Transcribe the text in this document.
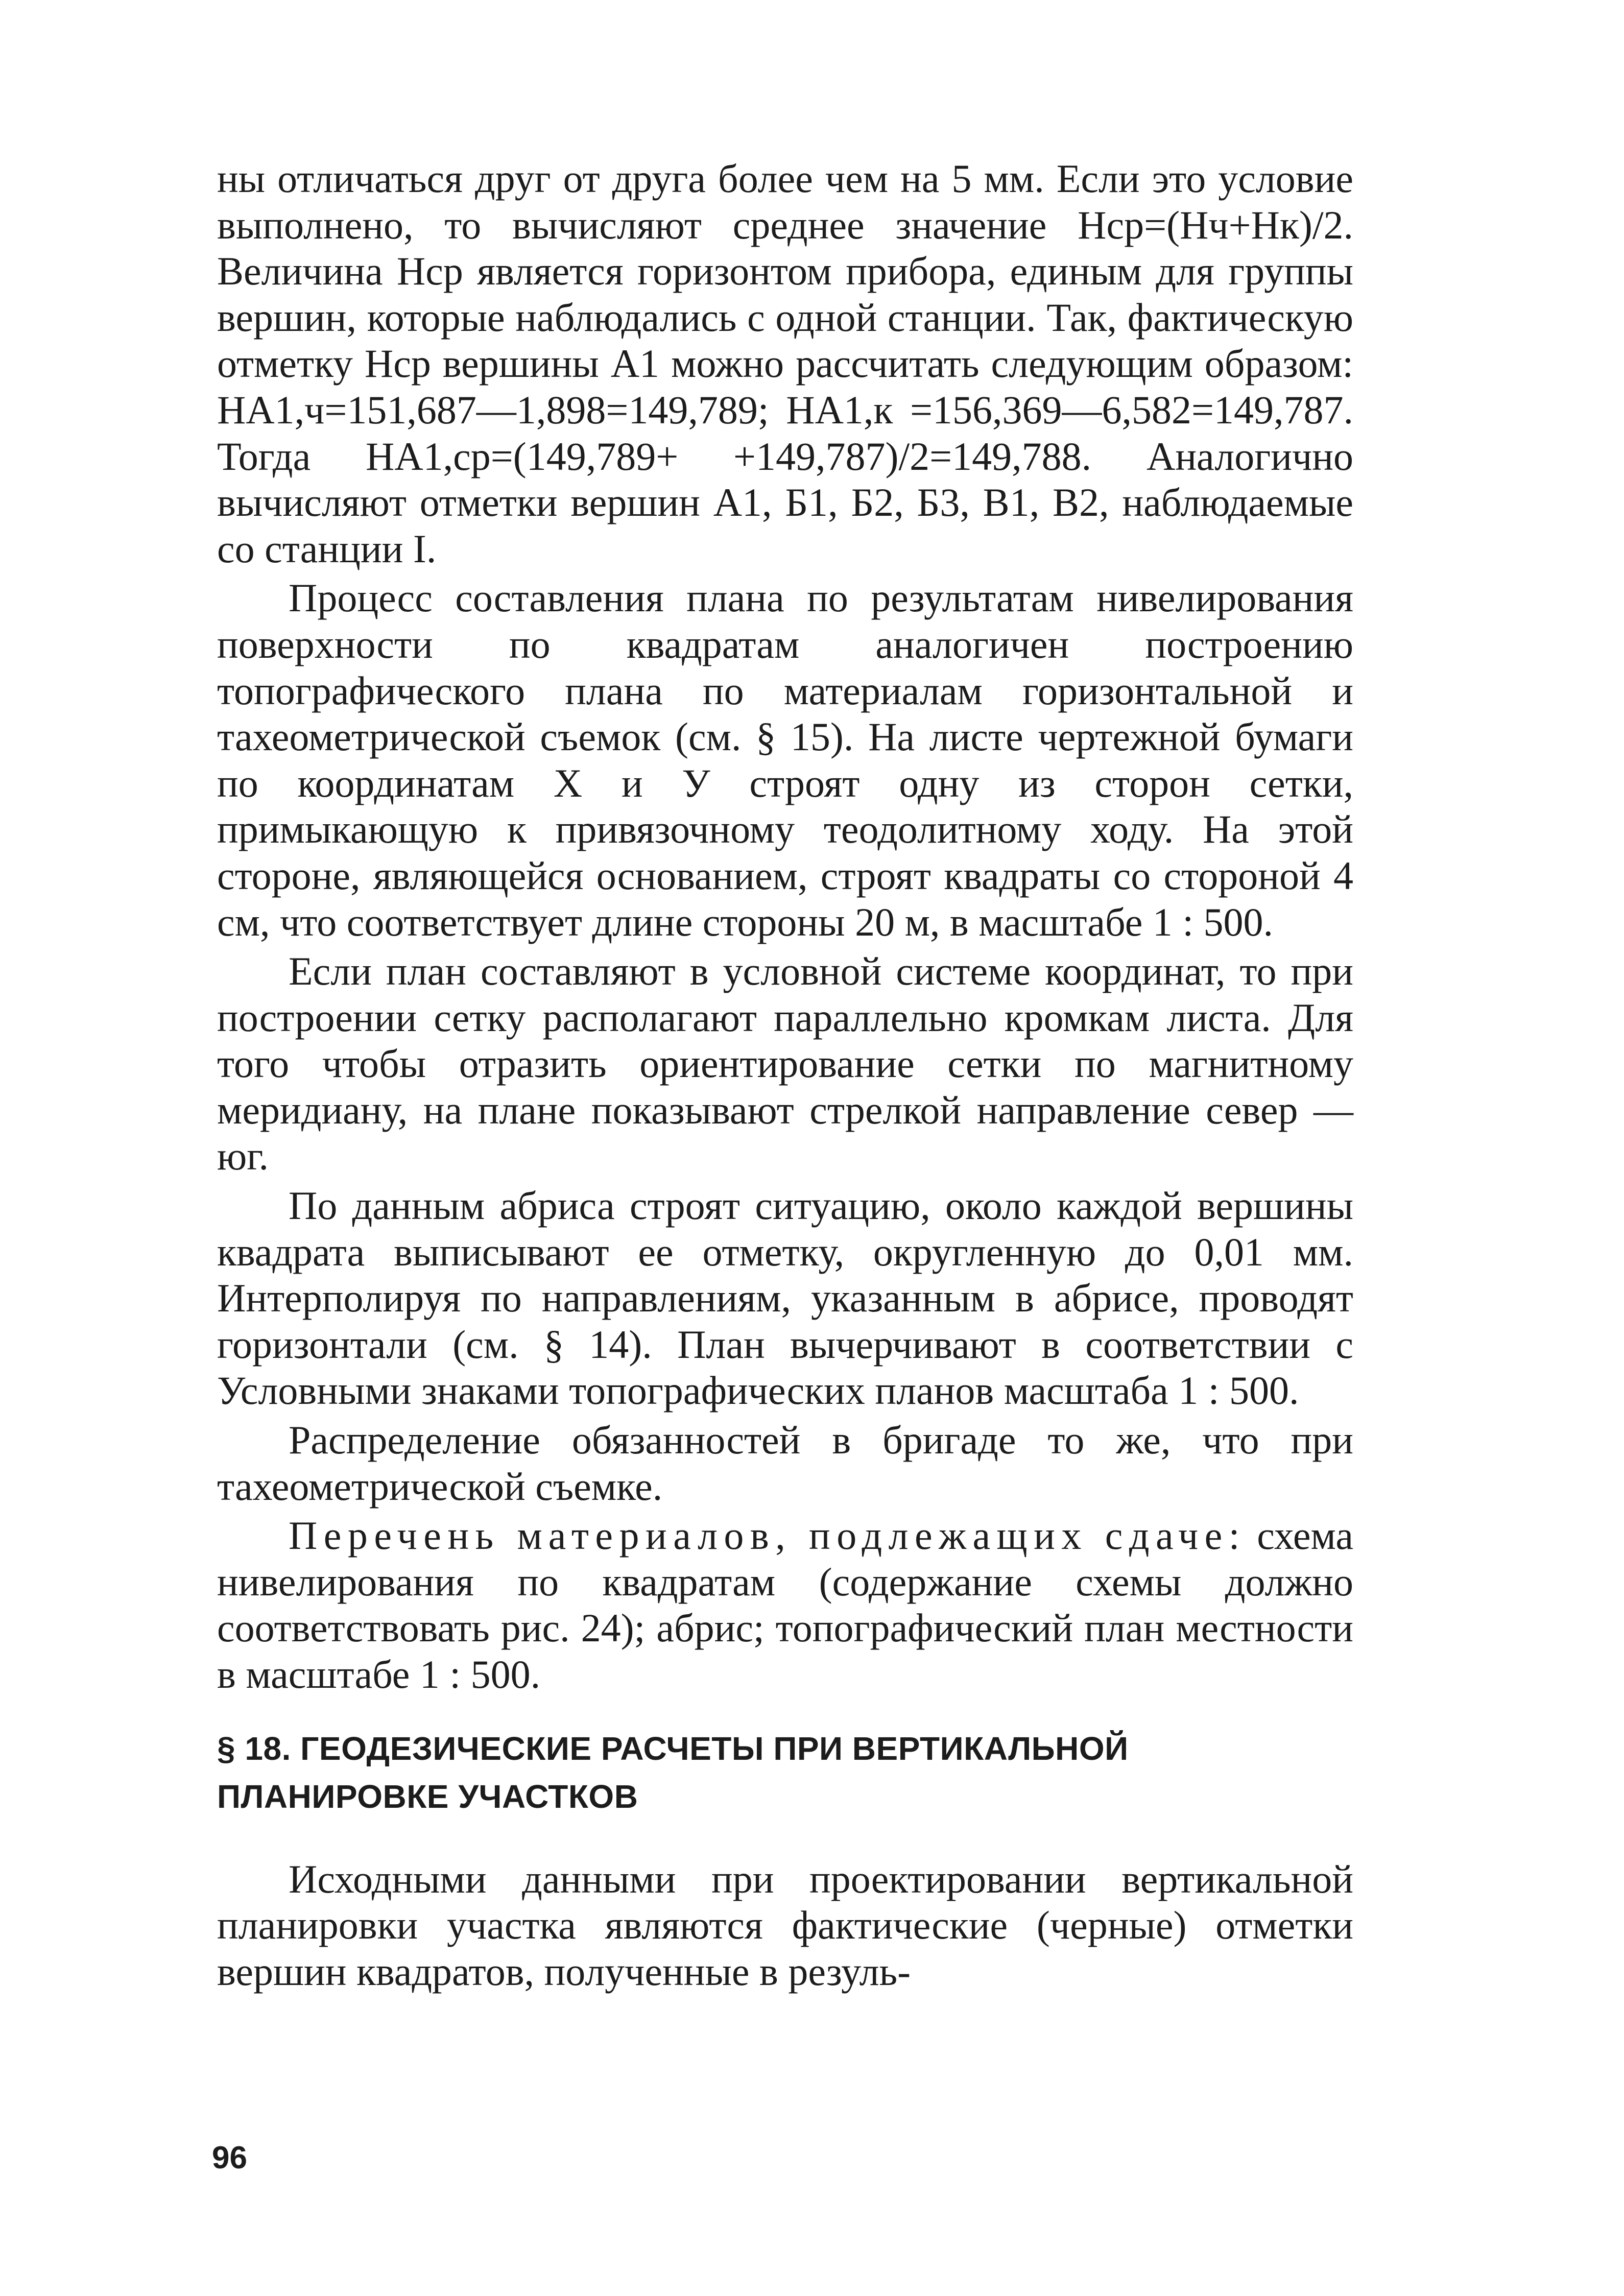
ны отличаться друг от друга более чем на 5 мм. Если это условие выполнено, то вычисляют среднее значение Hср=(Hч+Hк)/2. Величина Hср является горизонтом прибора, единым для группы вершин, которые наблюдались с одной станции. Так, фактическую отметку Hср вершины А1 можно рассчитать следующим образом: HА1,ч=151,687—1,898=149,789; HА1,к =156,369—6,582=149,787. Тогда HА1,ср=(149,789+ +149,787)/2=149,788. Аналогично вычисляют отметки вершин А1, Б1, Б2, Б3, В1, В2, наблюдаемые со станции I.

Процесс составления плана по результатам нивелирования поверхности по квадратам аналогичен построению топографического плана по материалам горизонтальной и тахеометрической съемок (см. § 15). На листе чертежной бумаги по координатам X и У строят одну из сторон сетки, примыкающую к привязочному теодолитному ходу. На этой стороне, являющейся основанием, строят квадраты со стороной 4 см, что соответствует длине стороны 20 м, в масштабе 1 : 500.

Если план составляют в условной системе координат, то при построении сетку располагают параллельно кромкам листа. Для того чтобы отразить ориентирование сетки по магнитному меридиану, на плане показывают стрелкой направление север — юг.

По данным абриса строят ситуацию, около каждой вершины квадрата выписывают ее отметку, округленную до 0,01 мм. Интерполируя по направлениям, указанным в абрисе, проводят горизонтали (см. § 14). План вычерчивают в соответствии с Условными знаками топографических планов масштаба 1 : 500.

Распределение обязанностей в бригаде то же, что при тахеометрической съемке.

Перечень материалов, подлежащих сдаче: схема нивелирования по квадратам (содержание схемы должно соответствовать рис. 24); абрис; топографический план местности в масштабе 1 : 500.

§ 18. ГЕОДЕЗИЧЕСКИЕ РАСЧЕТЫ ПРИ ВЕРТИКАЛЬНОЙ ПЛАНИРОВКЕ УЧАСТКОВ

Исходными данными при проектировании вертикальной планировки участка являются фактические (черные) отметки вершин квадратов, полученные в резуль-

96
